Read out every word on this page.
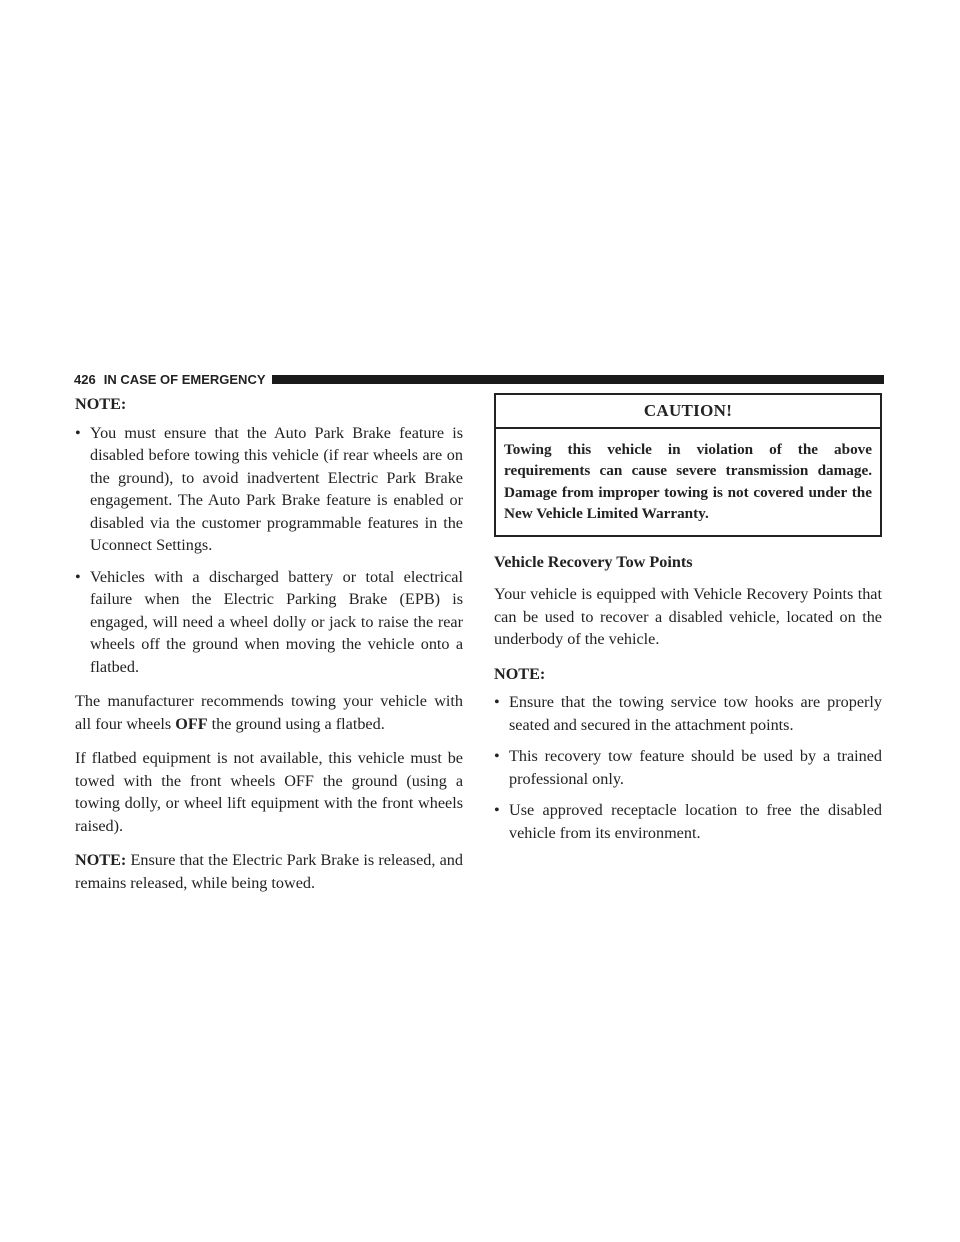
426 IN CASE OF EMERGENCY
NOTE:
• You must ensure that the Auto Park Brake feature is disabled before towing this vehicle (if rear wheels are on the ground), to avoid inadvertent Electric Park Brake engagement. The Auto Park Brake feature is enabled or disabled via the customer programmable features in the Uconnect Settings.
• Vehicles with a discharged battery or total electrical failure when the Electric Parking Brake (EPB) is engaged, will need a wheel dolly or jack to raise the rear wheels off the ground when moving the vehicle onto a flatbed.

The manufacturer recommends towing your vehicle with all four wheels OFF the ground using a flatbed.

If flatbed equipment is not available, this vehicle must be towed with the front wheels OFF the ground (using a towing dolly, or wheel lift equipment with the front wheels raised).

NOTE: Ensure that the Electric Park Brake is released, and remains released, while being towed.

CAUTION!
Towing this vehicle in violation of the above requirements can cause severe transmission damage. Damage from improper towing is not covered under the New Vehicle Limited Warranty.
Vehicle Recovery Tow Points

Your vehicle is equipped with Vehicle Recovery Points that can be used to recover a disabled vehicle, located on the underbody of the vehicle.

NOTE:
• Ensure that the towing service tow hooks are properly seated and secured in the attachment points.
• This recovery tow feature should be used by a trained professional only.
• Use approved receptacle location to free the disabled vehicle from its environment.
